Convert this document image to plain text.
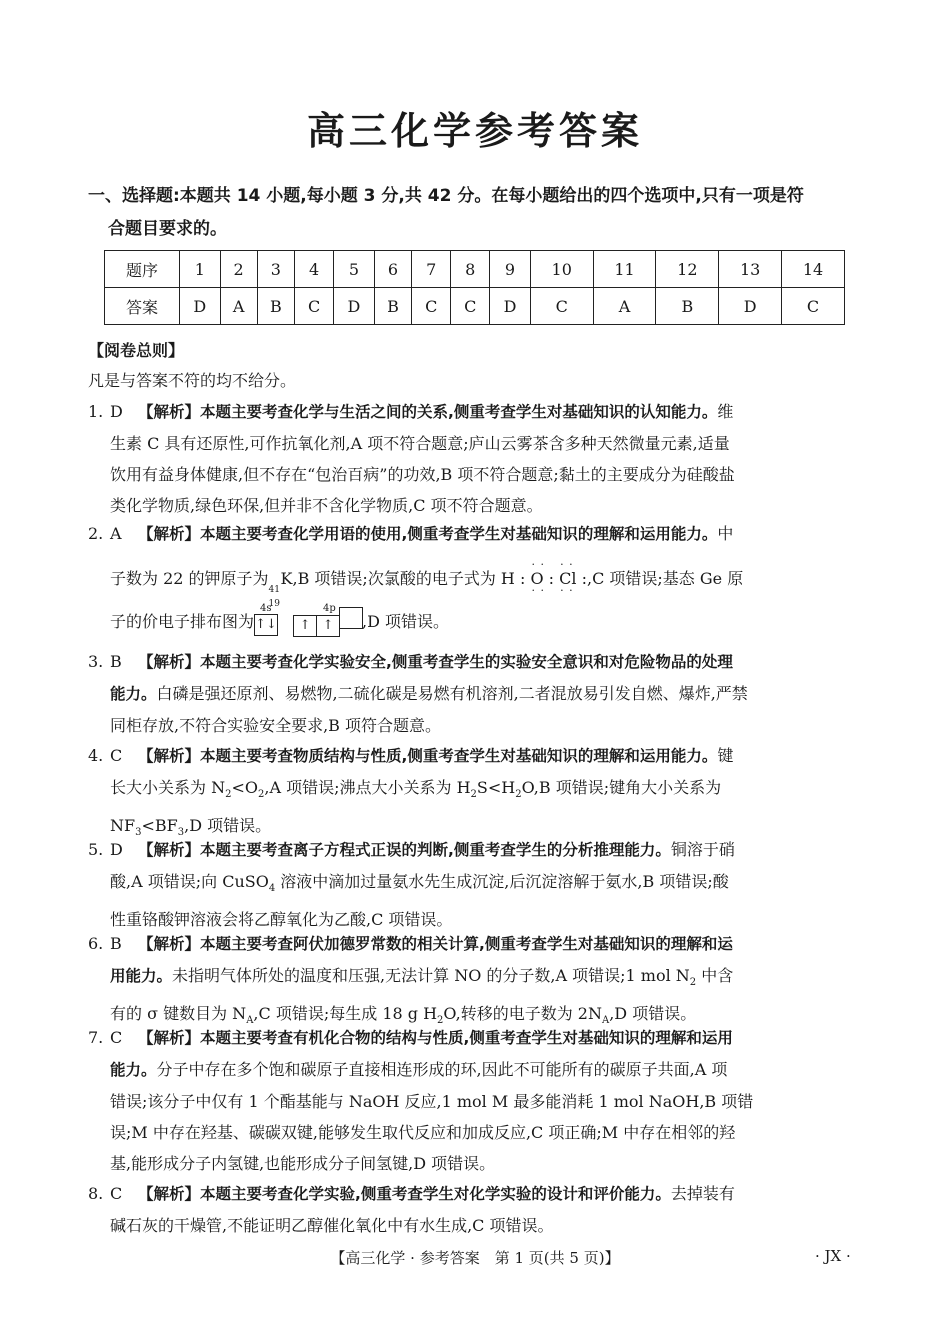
高三化学参考答案
一、选择题:本题共 14 小题,每小题 3 分,共 42 分。在每小题给出的四个选项中,只有一项是符
合题目要求的。
题序	1	2	3	4	5	6	7	8	9	10	11	12	13	14
答案	D	A	B	C	D	B	C	C	D	C	A	B	D	C
【阅卷总则】
凡是与答案不符的均不给分。
1. D 【解析】本题主要考查化学与生活之间的关系,侧重考查学生对基础知识的认知能力。维
生素 C 具有还原性,可作抗氧化剂,A 项不符合题意;庐山云雾茶含多种天然微量元素,适量
饮用有益身体健康,但不存在“包治百病”的功效,B 项不符合题意;黏土的主要成分为硅酸盐
类化学物质,绿色环保,但并非不含化学物质,C 项不符合题意。
2. A 【解析】本题主要考查化学用语的使用,侧重考查学生对基础知识的理解和运用能力。中
子数为 22 的钾原子为
41
19
K,B 项错误;次氯酸的电子式为 H : · · O · · : · · Cl · · :,C 项错误;基态 Ge 原
子的价电子排布图为
4s
↑↓
4p
↑ ↑ ,D 项错误。
3. B 【解析】本题主要考查化学实验安全,侧重考查学生的实验安全意识和对危险物品的处理
能力。白磷是强还原剂、易燃物,二硫化碳是易燃有机溶剂,二者混放易引发自燃、爆炸,严禁
同柜存放,不符合实验安全要求,B 项符合题意。
4. C 【解析】本题主要考查物质结构与性质,侧重考查学生对基础知识的理解和运用能力。键
长大小关系为 $N_2<O_2,A$ 项错误;沸点大小关系为 $H_2S<H_2O,B$ 项错误;键角大小关系为
$NF_3<BF_3,D$ 项错误。
5. D 【解析】本题主要考查离子方程式正误的判断,侧重考查学生的分析推理能力。铜溶于硝
酸,A 项错误;向 CuSO$_4$ 溶液中滴加过量氨水先生成沉淀,后沉淀溶解于氨水,B 项错误;酸
性重铬酸钾溶液会将乙醇氧化为乙酸,C 项错误。
6. B 【解析】本题主要考查阿伏加德罗常数的相关计算,侧重考查学生对基础知识的理解和运
用能力。未指明气体所处的温度和压强,无法计算 NO 的分子数,A 项错误;1 mol $N_2$ 中含
有的 σ 键数目为 $N_A,C$ 项错误;每生成 18 g $H_2O$,转移的电子数为 $2N_A,D$ 项错误。
7. C 【解析】本题主要考查有机化合物的结构与性质,侧重考查学生对基础知识的理解和运用
能力。分子中存在多个饱和碳原子直接相连形成的环,因此不可能所有的碳原子共面,A 项
错误;该分子中仅有 1 个酯基能与 NaOH 反应,1 mol M 最多能消耗 1 mol NaOH,B 项错
误;M 中存在羟基、碳碳双键,能够发生取代反应和加成反应,C 项正确;M 中存在相邻的羟
基,能形成分子内氢键,也能形成分子间氢键,D 项错误。
8. C 【解析】本题主要考查化学实验,侧重考查学生对化学实验的设计和评价能力。去掉装有
碱石灰的干燥管,不能证明乙醇催化氧化中有水生成,C 项错误。
【高三化学 · 参考答案　第 1 页(共 5 页)】	· JX ·
